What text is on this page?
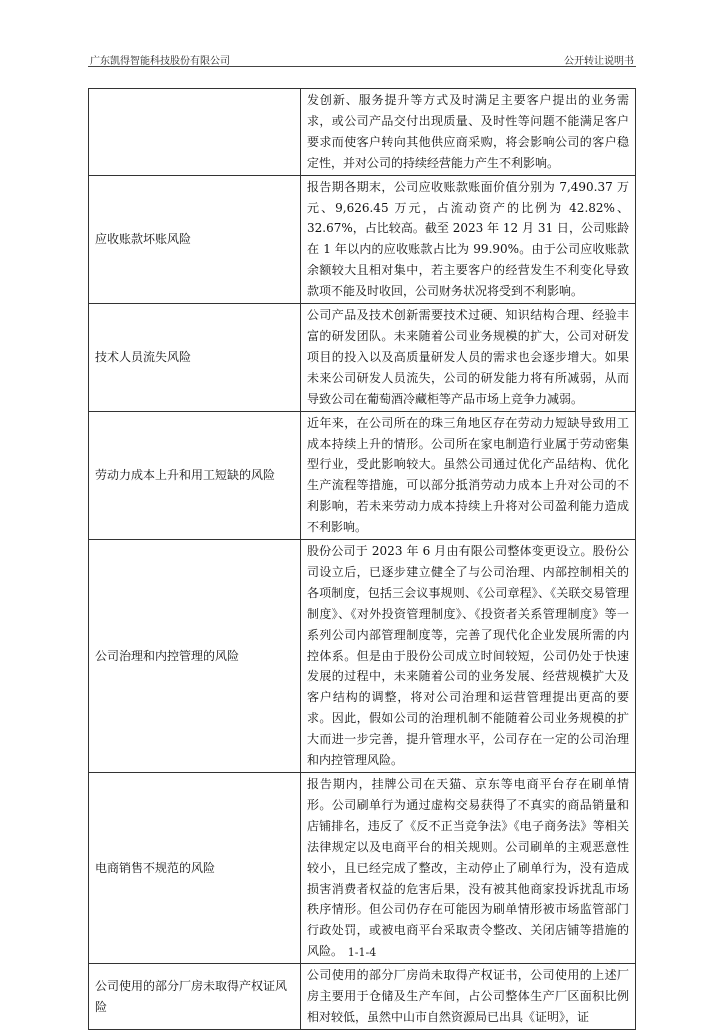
广东凯得智能科技股份有限公司	公开转让说明书
	发创新、服务提升等方式及时满足主要客户提出的业务需求，或公司产品交付出现质量、及时性等问题不能满足客户要求而使客户转向其他供应商采购，将会影响公司的客户稳定性，并对公司的持续经营能力产生不利影响。
应收账款坏账风险	报告期各期末，公司应收账款账面价值分别为 7,490.37 万元、9,626.45 万元，占流动资产的比例为 42.82%、32.67%，占比较高。截至 2023 年 12 月 31 日，公司账龄在 1 年以内的应收账款占比为 99.90%。由于公司应收账款余额较大且相对集中，若主要客户的经营发生不利变化导致款项不能及时收回，公司财务状况将受到不利影响。
技术人员流失风险	公司产品及技术创新需要技术过硬、知识结构合理、经验丰富的研发团队。未来随着公司业务规模的扩大，公司对研发项目的投入以及高质量研发人员的需求也会逐步增大。如果未来公司研发人员流失，公司的研发能力将有所减弱，从而导致公司在葡萄酒冷藏柜等产品市场上竞争力减弱。
劳动力成本上升和用工短缺的风险	近年来，在公司所在的珠三角地区存在劳动力短缺导致用工成本持续上升的情形。公司所在家电制造行业属于劳动密集型行业，受此影响较大。虽然公司通过优化产品结构、优化生产流程等措施，可以部分抵消劳动力成本上升对公司的不利影响，若未来劳动力成本持续上升将对公司盈利能力造成不利影响。
公司治理和内控管理的风险	股份公司于 2023 年 6 月由有限公司整体变更设立。股份公司设立后，已逐步建立健全了与公司治理、内部控制相关的各项制度，包括三会议事规则、《公司章程》、《关联交易管理制度》、《对外投资管理制度》、《投资者关系管理制度》等一系列公司内部管理制度等，完善了现代化企业发展所需的内控体系。但是由于股份公司成立时间较短，公司仍处于快速发展的过程中，未来随着公司的业务发展、经营规模扩大及客户结构的调整，将对公司治理和运营管理提出更高的要求。因此，假如公司的治理机制不能随着公司业务规模的扩大而进一步完善，提升管理水平，公司存在一定的公司治理和内控管理风险。
电商销售不规范的风险	报告期内，挂牌公司在天猫、京东等电商平台存在刷单情形。公司刷单行为通过虚构交易获得了不真实的商品销量和店铺排名，违反了《反不正当竞争法》《电子商务法》等相关法律规定以及电商平台的相关规则。公司刷单的主观恶意性较小，且已经完成了整改，主动停止了刷单行为，没有造成损害消费者权益的危害后果，没有被其他商家投诉扰乱市场秩序情形。但公司仍存在可能因为刷单情形被市场监管部门行政处罚，或被电商平台采取责令整改、关闭店铺等措施的风险。
公司使用的部分厂房未取得产权证风险	公司使用的部分厂房尚未取得产权证书，公司使用的上述厂房主要用于仓储及生产车间，占公司整体生产厂区面积比例相对较低，虽然中山市自然资源局已出具《证明》，证
1-1-4
